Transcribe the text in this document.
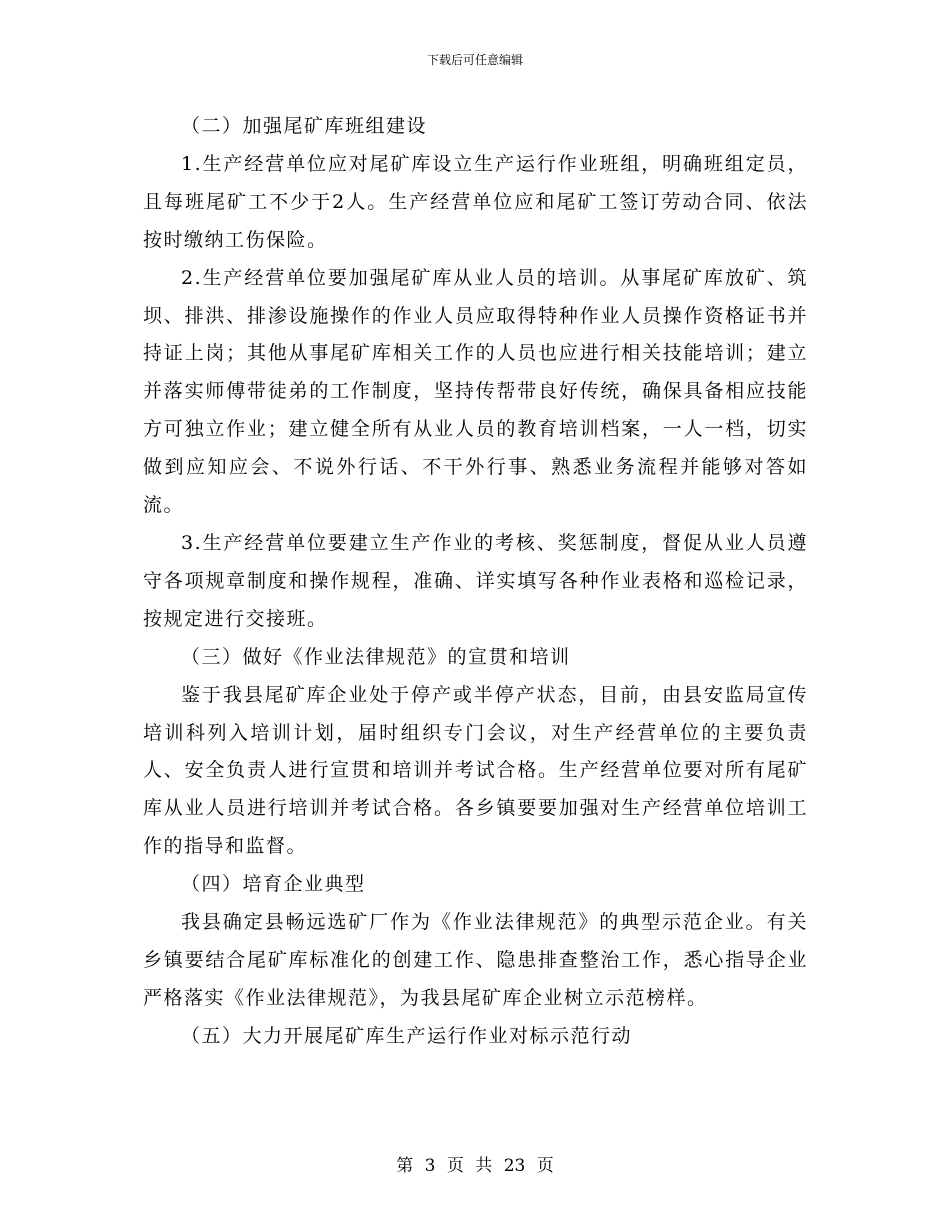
下载后可任意编辑

（二）加强尾矿库班组建设

1.生产经营单位应对尾矿库设立生产运行作业班组，明确班组定员，且每班尾矿工不少于2人。生产经营单位应和尾矿工签订劳动合同、依法按时缴纳工伤保险。

2.生产经营单位要加强尾矿库从业人员的培训。从事尾矿库放矿、筑坝、排洪、排渗设施操作的作业人员应取得特种作业人员操作资格证书并持证上岗；其他从事尾矿库相关工作的人员也应进行相关技能培训；建立并落实师傅带徒弟的工作制度，坚持传帮带良好传统，确保具备相应技能方可独立作业；建立健全所有从业人员的教育培训档案，一人一档，切实做到应知应会、不说外行话、不干外行事、熟悉业务流程并能够对答如流。

3.生产经营单位要建立生产作业的考核、奖惩制度，督促从业人员遵守各项规章制度和操作规程，准确、详实填写各种作业表格和巡检记录，按规定进行交接班。

（三）做好《作业法律规范》的宣贯和培训

鉴于我县尾矿库企业处于停产或半停产状态，目前，由县安监局宣传培训科列入培训计划，届时组织专门会议，对生产经营单位的主要负责人、安全负责人进行宣贯和培训并考试合格。生产经营单位要对所有尾矿库从业人员进行培训并考试合格。各乡镇要要加强对生产经营单位培训工作的指导和监督。

（四）培育企业典型

我县确定县畅远选矿厂作为《作业法律规范》的典型示范企业。有关乡镇要结合尾矿库标准化的创建工作、隐患排查整治工作，悉心指导企业严格落实《作业法律规范》，为我县尾矿库企业树立示范榜样。

（五）大力开展尾矿库生产运行作业对标示范行动

第 3 页 共 23 页
